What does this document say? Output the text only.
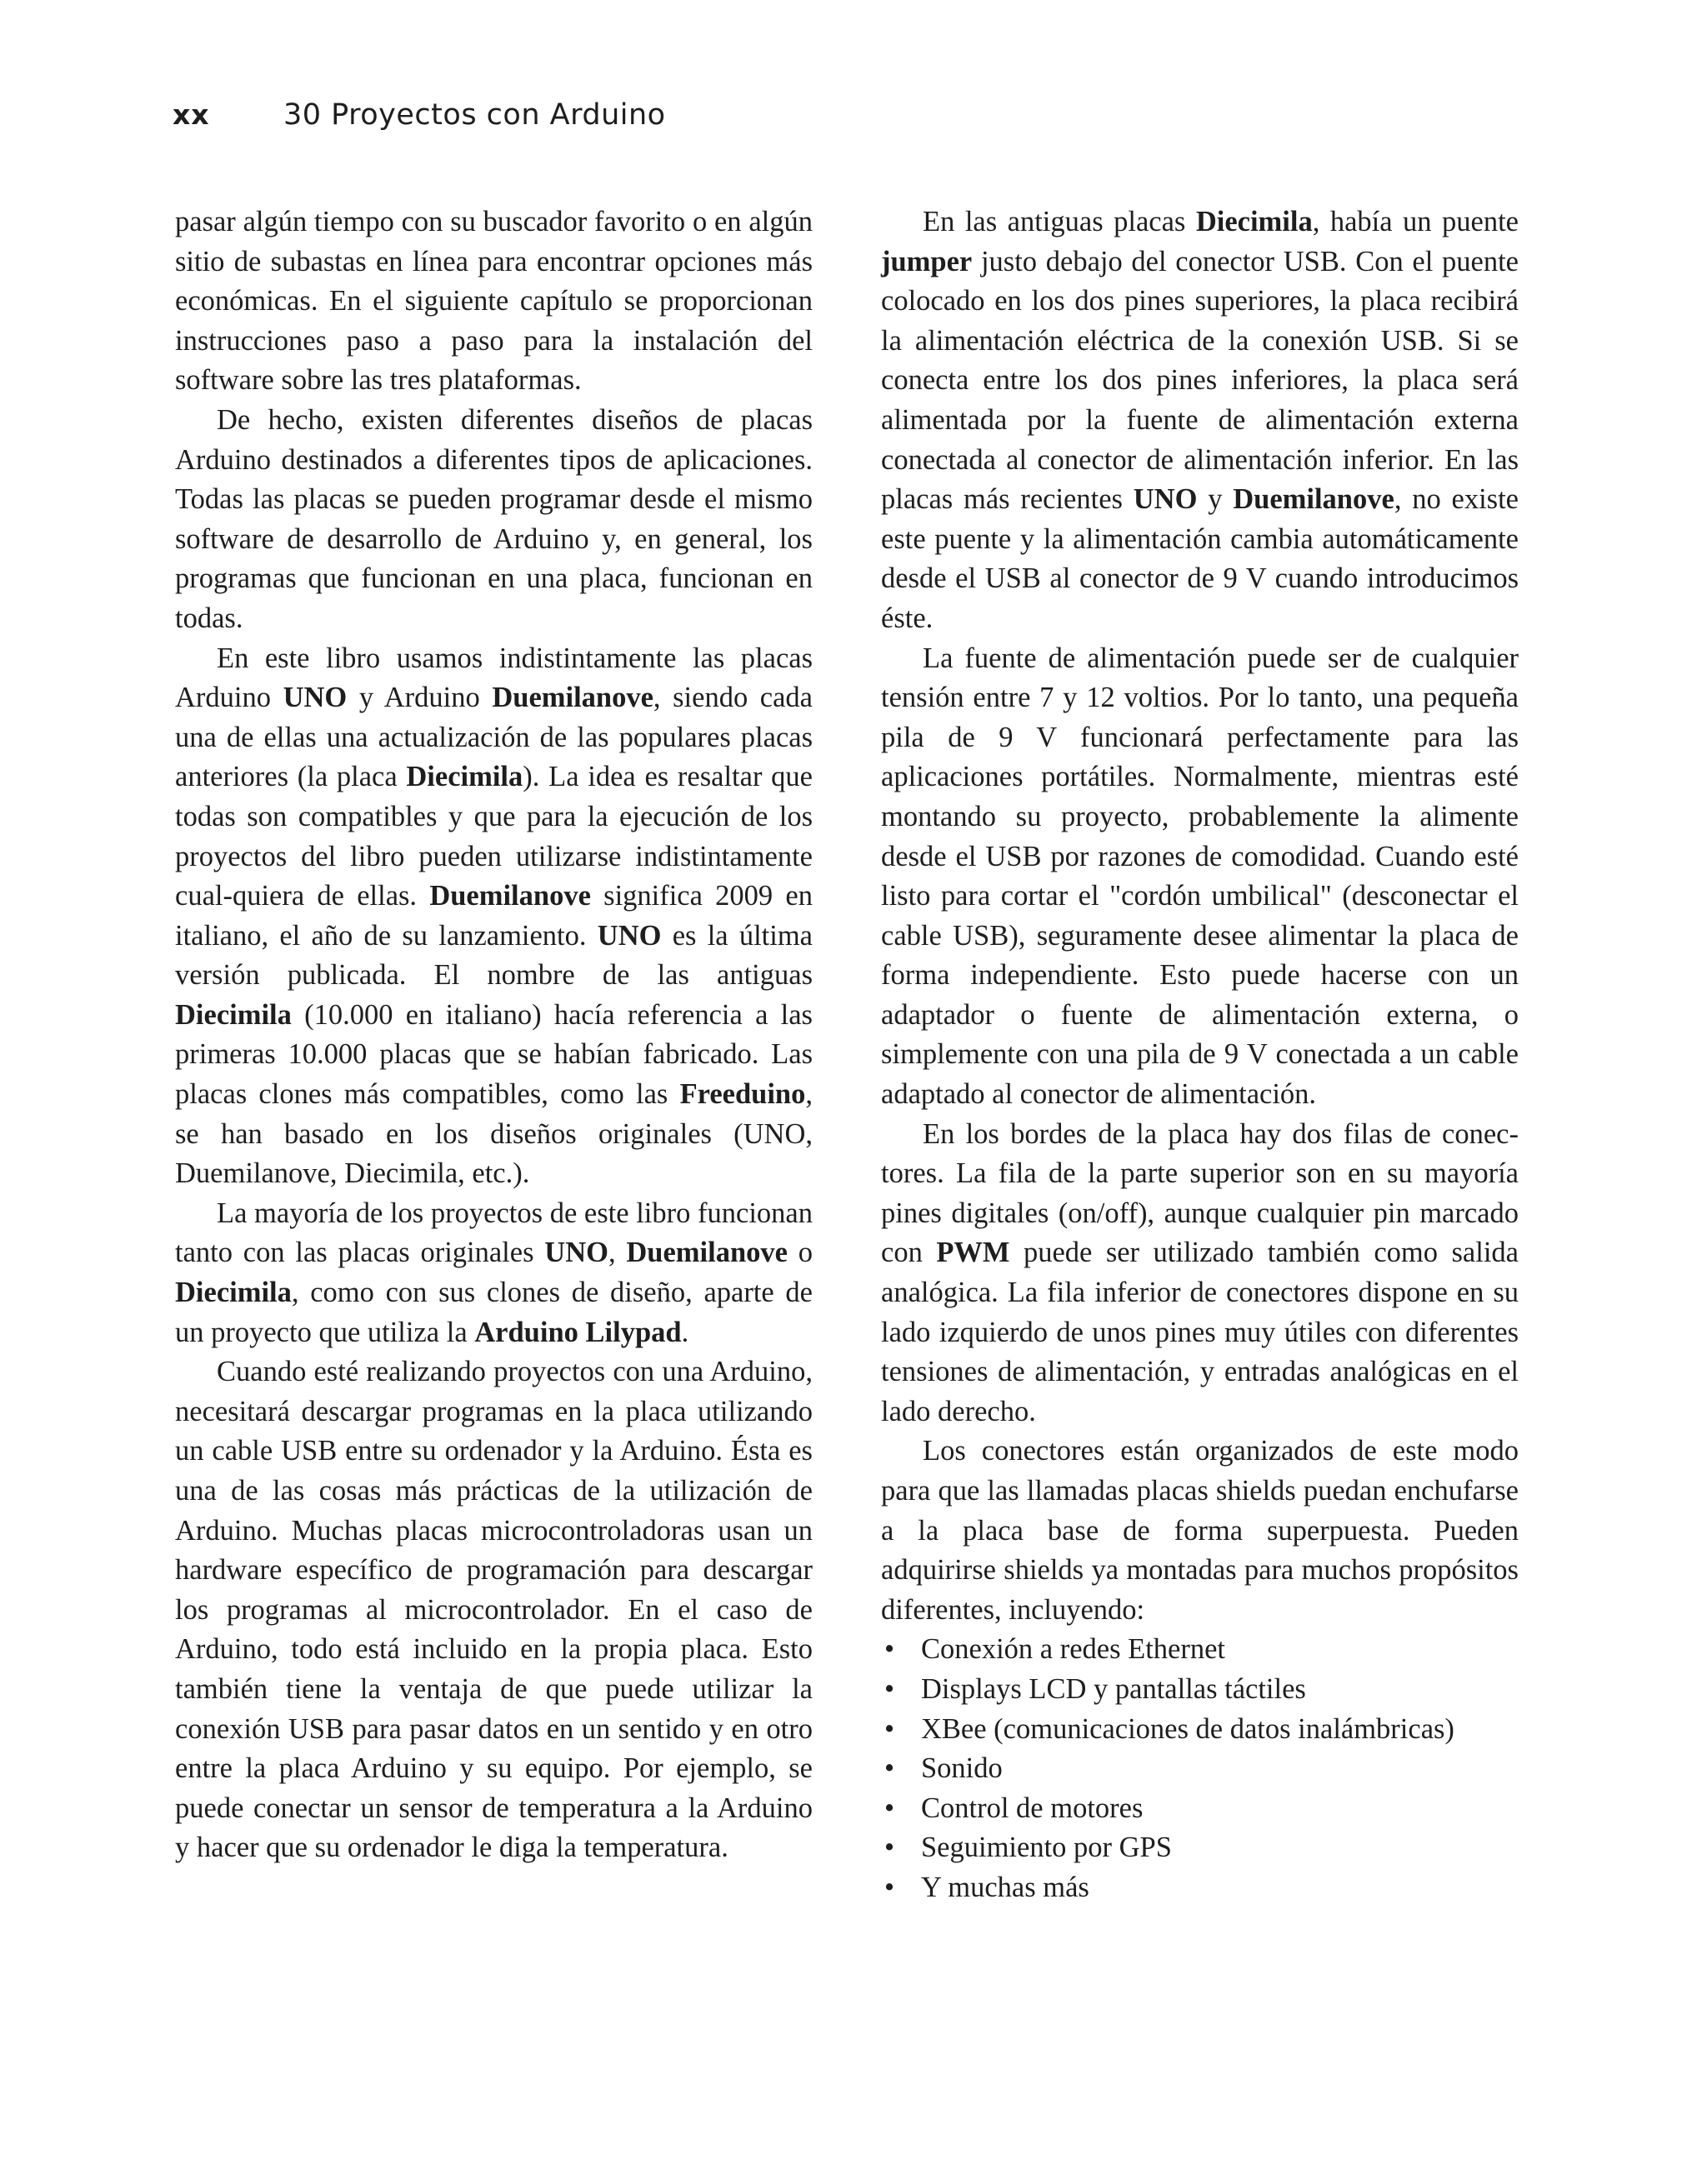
xx	30 Proyectos con Arduino

pasar algún tiempo con su buscador favorito o en algún sitio de subastas en línea para encontrar opciones más económicas. En el siguiente capítulo se proporcionan instrucciones paso a paso para la instalación del software sobre las tres plataformas.

De hecho, existen diferentes diseños de placas Arduino destinados a diferentes tipos de aplicaciones. Todas las placas se pueden programar desde el mismo software de desarrollo de Arduino y, en general, los programas que funcionan en una placa, funcionan en todas.

En este libro usamos indistintamente las placas Arduino UNO y Arduino Duemilanove, siendo cada una de ellas una actualización de las populares placas anteriores (la placa Diecimila). La idea es resaltar que todas son compatibles y que para la ejecución de los proyectos del libro pueden utilizarse indistintamente cual-quiera de ellas. Duemilanove significa 2009 en italiano, el año de su lanzamiento. UNO es la última versión publicada. El nombre de las antiguas Diecimila (10.000 en italiano) hacía referencia a las primeras 10.000 placas que se habían fabricado. Las placas clones más compatibles, como las Freeduino, se han basado en los diseños originales (UNO, Duemilanove, Diecimila, etc.).

La mayoría de los proyectos de este libro funcionan tanto con las placas originales UNO, Duemilanove o Diecimila, como con sus clones de diseño, aparte de un proyecto que utiliza la Arduino Lilypad.

Cuando esté realizando proyectos con una Arduino, necesitará descargar programas en la placa utilizando un cable USB entre su ordenador y la Arduino. Ésta es una de las cosas más prácticas de la utilización de Arduino. Muchas placas microcontroladoras usan un hardware específico de programación para descargar los programas al microcontrolador. En el caso de Arduino, todo está incluido en la propia placa. Esto también tiene la ventaja de que puede utilizar la conexión USB para pasar datos en un sentido y en otro entre la placa Arduino y su equipo. Por ejemplo, se puede conectar un sensor de temperatura a la Arduino y hacer que su ordenador le diga la temperatura.

En las antiguas placas Diecimila, había un puente jumper justo debajo del conector USB. Con el puente colocado en los dos pines superiores, la placa recibirá la alimentación eléctrica de la conexión USB. Si se conecta entre los dos pines inferiores, la placa será alimentada por la fuente de alimentación externa conectada al conector de alimentación inferior. En las placas más recientes UNO y Duemilanove, no existe este puente y la alimentación cambia automáticamente desde el USB al conector de 9 V cuando introducimos éste.

La fuente de alimentación puede ser de cualquier tensión entre 7 y 12 voltios. Por lo tanto, una pequeña pila de 9 V funcionará perfectamente para las aplicaciones portátiles. Normalmente, mientras esté montando su proyecto, probablemente la alimente desde el USB por razones de comodidad. Cuando esté listo para cortar el "cordón umbilical" (desconectar el cable USB), seguramente desee alimentar la placa de forma independiente. Esto puede hacerse con un adaptador o fuente de alimentación externa, o simplemente con una pila de 9 V conectada a un cable adaptado al conector de alimentación.

En los bordes de la placa hay dos filas de conectores. La fila de la parte superior son en su mayoría pines digitales (on/off), aunque cualquier pin marcado con PWM puede ser utilizado también como salida analógica. La fila inferior de conectores dispone en su lado izquierdo de unos pines muy útiles con diferentes tensiones de alimentación, y entradas analógicas en el lado derecho.

Los conectores están organizados de este modo para que las llamadas placas shields puedan enchufarse a la placa base de forma superpuesta. Pueden adquirirse shields ya montadas para muchos propósitos diferentes, incluyendo:

• Conexión a redes Ethernet
• Displays LCD y pantallas táctiles
• XBee (comunicaciones de datos inalámbricas)
• Sonido
• Control de motores
• Seguimiento por GPS
• Y muchas más
